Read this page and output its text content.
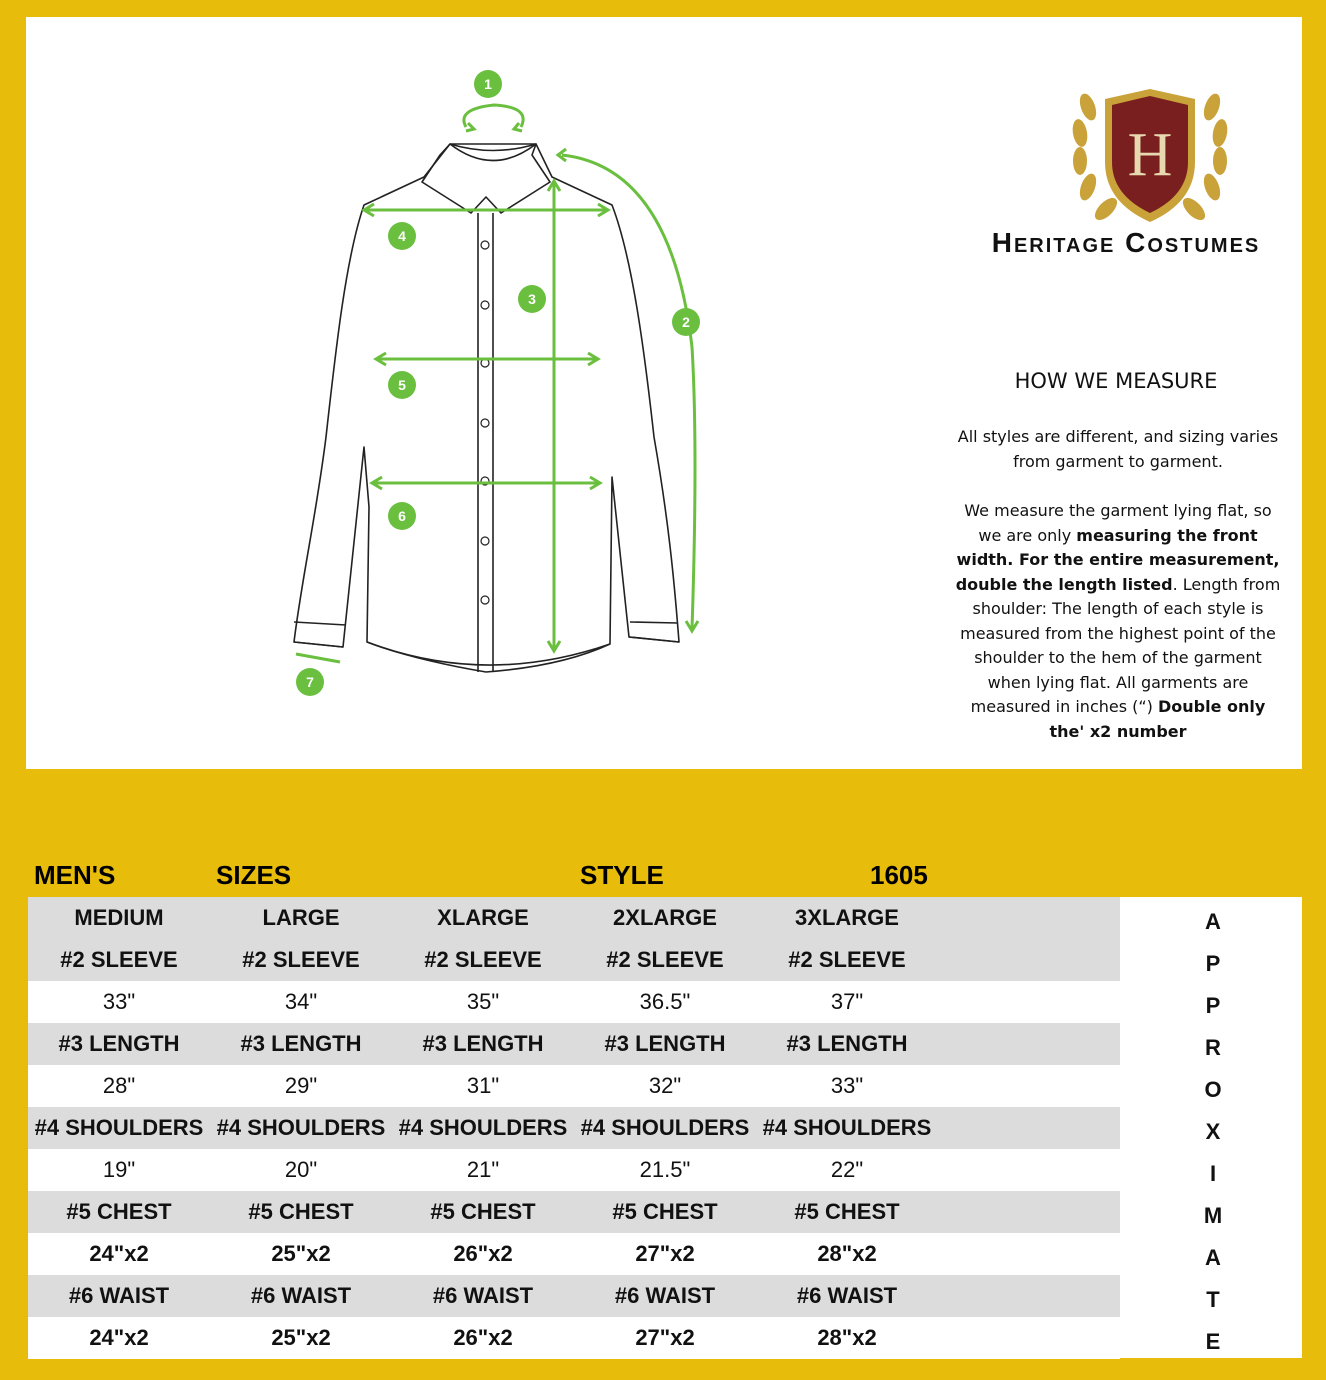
1
2
3
4
5
6
7
H
Heritage Costumes
HOW WE MEASURE
All styles are different, and sizing varies from garment to garment.
We measure the garment lying flat, so we are only measuring the front width. For the entire measurement, double the length listed. Length from shoulder: The length of each style is measured from the highest point of the shoulder to the hem of the garment when lying flat. All garments are measured in inches (“) Double only the' x2 number
MEN'S	SIZES	STYLE	1605
MEDIUM	LARGE	XLARGE	2XLARGE	3XLARGE
#2 SLEEVE	#2 SLEEVE	#2 SLEEVE	#2 SLEEVE	#2 SLEEVE
33"	34"	35"	36.5"	37"
#3 LENGTH	#3 LENGTH	#3 LENGTH	#3 LENGTH	#3 LENGTH
28"	29"	31"	32"	33"
#4 SHOULDERS #4 SHOULDERS #4 SHOULDERS #4 SHOULDERS #4 SHOULDERS
19"	20"	21"	21.5"	22"
#5 CHEST	#5 CHEST	#5 CHEST	#5 CHEST	#5 CHEST
24"x2	25"x2	26"x2	27"x2	28"x2
#6 WAIST	#6 WAIST	#6 WAIST	#6 WAIST	#6 WAIST
24"x2	25"x2	26"x2	27"x2	28"x2
A
P
P
R
O
X
I
M
A
T
E
